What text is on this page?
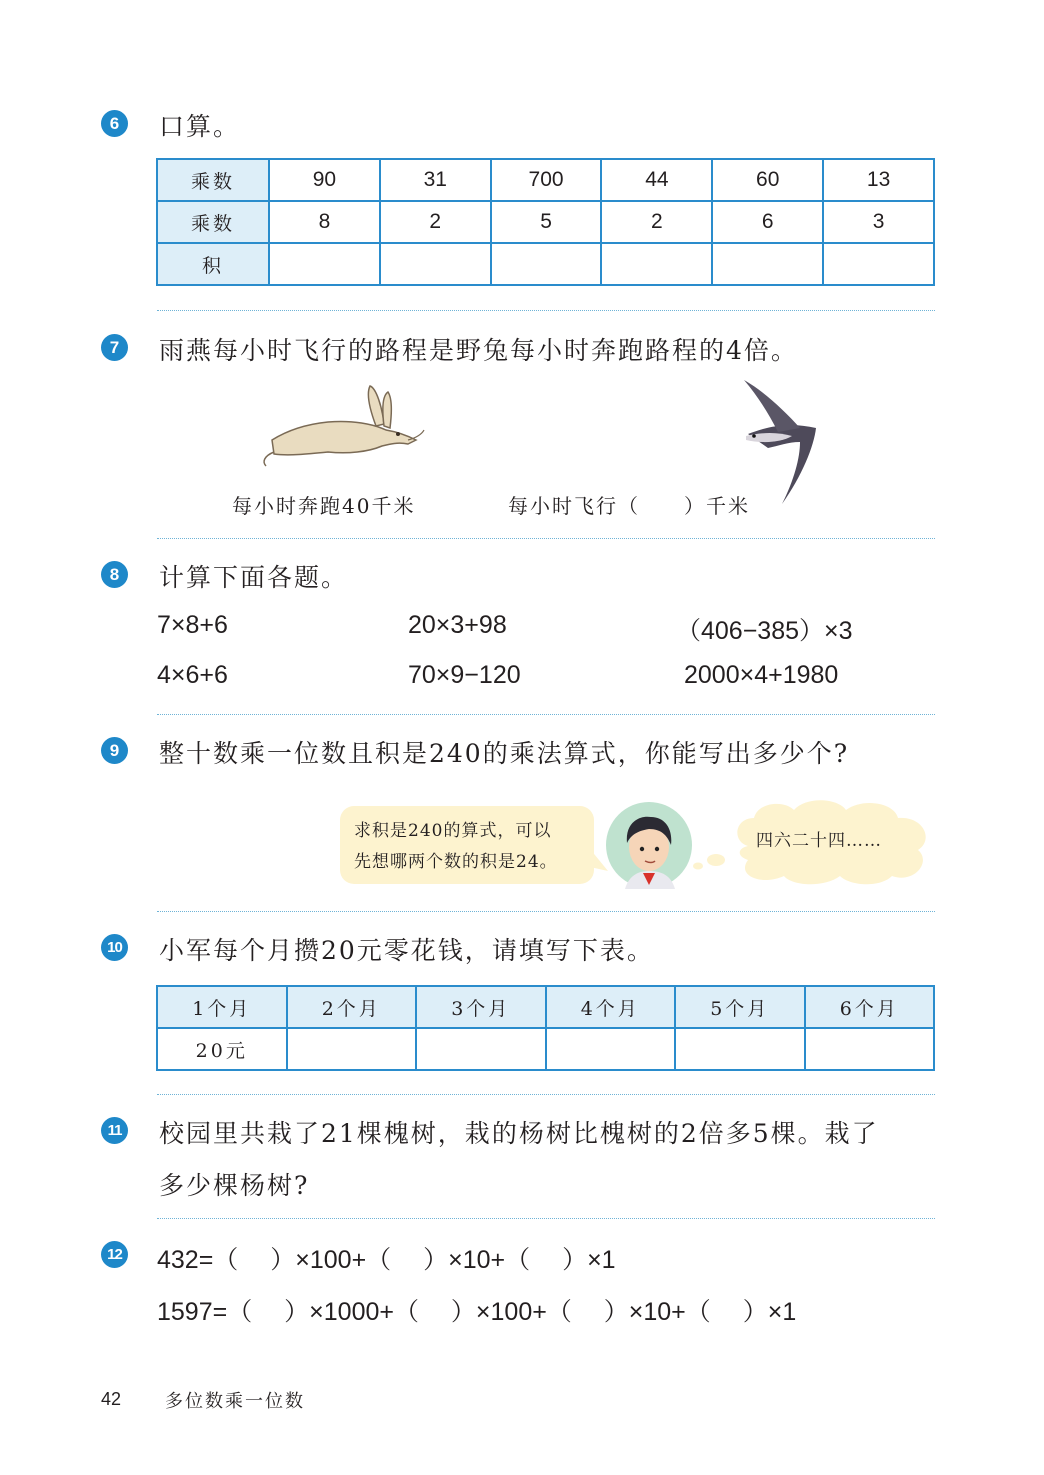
6	口算。
乘数	90	31	700	44	60	13
乘数	8	2	5	2	6	3
积						
7	雨燕每小时飞行的路程是野兔每小时奔跑路程的4倍。
每小时奔跑40千米	每小时飞行（　　）千米
8	计算下面各题。
7×8+6	20×3+98	（406−385）×3
4×6+6	70×9−120	2000×4+1980
9	整十数乘一位数且积是240的乘法算式，你能写出多少个?
求积是240的算式，可以
先想哪两个数的积是24。
四六二十四……
10 小军每个月攒20元零花钱，请填写下表。
1个月	2个月	3个月	4个月	5个月	6个月
20元					
11 校园里共栽了21棵槐树，栽的杨树比槐树的2倍多5棵。栽了
多少棵杨树?
12 432=（　 ）×100+（　 ）×10+（　 ）×1
1597=（　 ）×1000+（　 ）×100+（　 ）×10+（　 ）×1
42 多位数乘一位数
